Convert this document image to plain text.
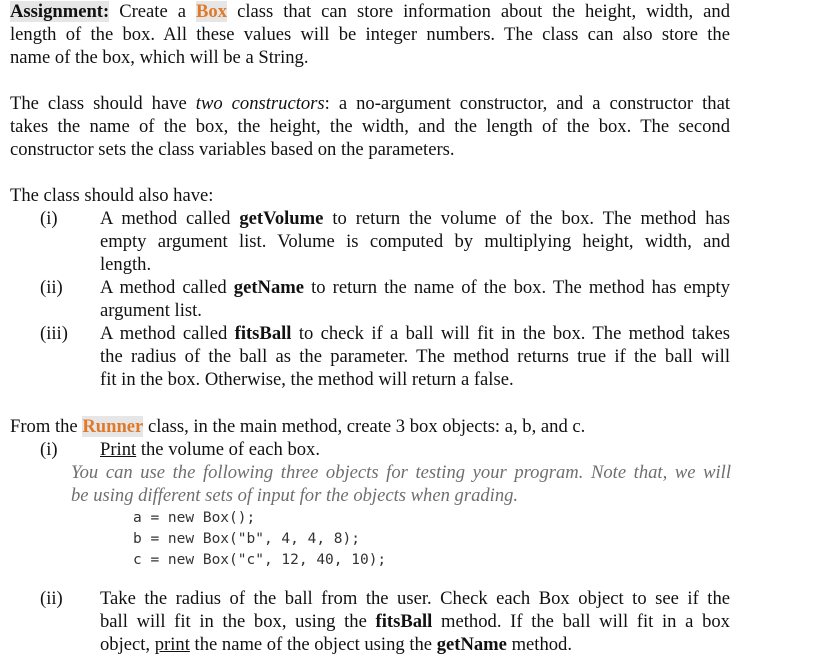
Assignment: Create a Box class that can store information about the height, width, and
length of the box. All these values will be integer numbers. The class can also store the
name of the box, which will be a String.
The class should have two constructors: a no-argument constructor, and a constructor that
takes the name of the box, the height, the width, and the length of the box. The second
constructor sets the class variables based on the parameters.
The class should also have:
(i) A method called getVolume to return the volume of the box. The method has
empty argument list. Volume is computed by multiplying height, width, and
length.
(ii) A method called getName to return the name of the box. The method has empty
argument list.
(iii) A method called fitsBall to check if a ball will fit in the box. The method takes
the radius of the ball as the parameter. The method returns true if the ball will
fit in the box. Otherwise, the method will return a false.
From the Runner class, in the main method, create 3 box objects: a, b, and c.
(i) Print the volume of each box.
You can use the following three objects for testing your program. Note that, we will
be using different sets of input for the objects when grading.
a = new Box();
b = new Box("b", 4, 4, 8);
c = new Box("c", 12, 40, 10);
(ii) Take the radius of the ball from the user. Check each Box object to see if the
ball will fit in the box, using the fitsBall method. If the ball will fit in a box
object, print the name of the object using the getName method.
